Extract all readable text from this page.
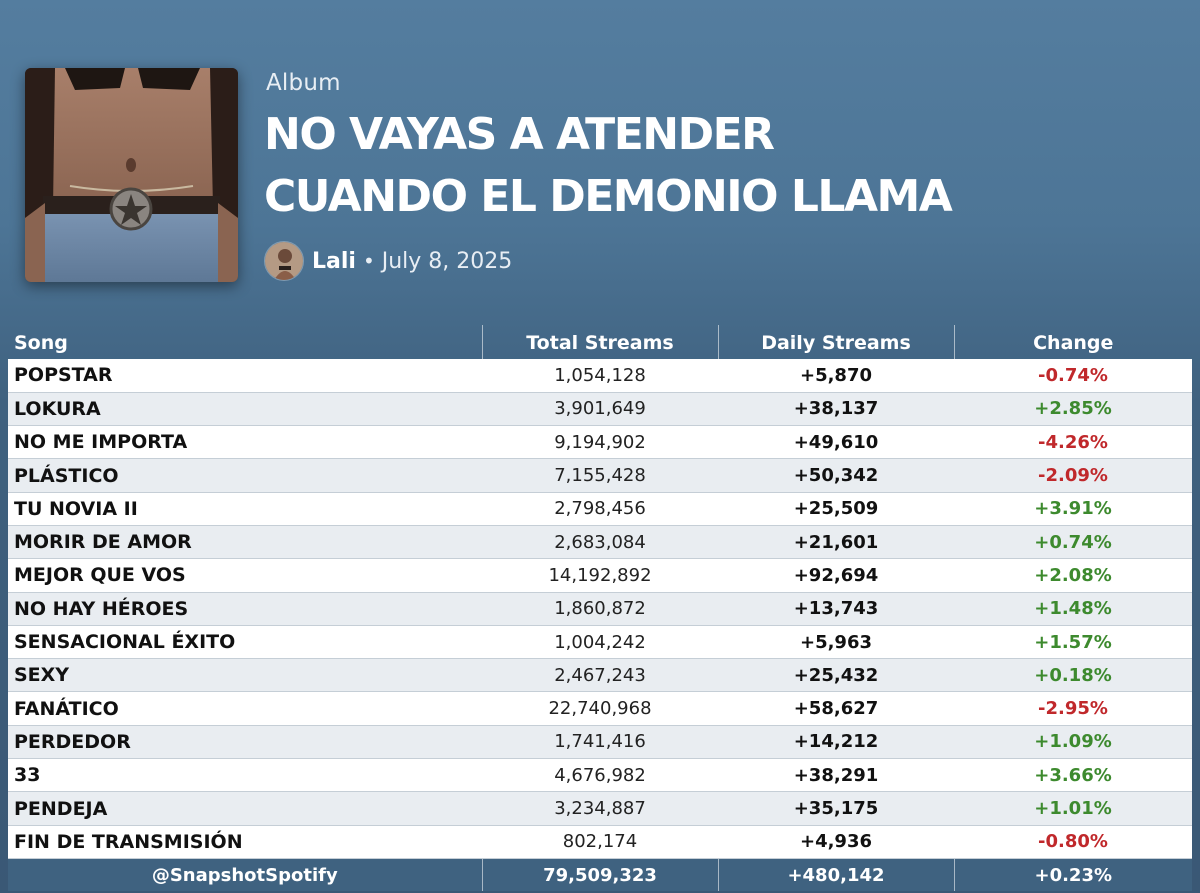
Album
NO VAYAS A ATENDER
CUANDO EL DEMONIO LLAMA
Lali • July 8, 2025
Song	Total Streams	Daily Streams	Change
POPSTAR	1,054,128	+5,870	-0.74%
LOKURA	3,901,649	+38,137	+2.85%
NO ME IMPORTA	9,194,902	+49,610	-4.26%
PLÁSTICO	7,155,428	+50,342	-2.09%
TU NOVIA II	2,798,456	+25,509	+3.91%
MORIR DE AMOR	2,683,084	+21,601	+0.74%
MEJOR QUE VOS	14,192,892	+92,694	+2.08%
NO HAY HÉROES	1,860,872	+13,743	+1.48%
SENSACIONAL ÉXITO	1,004,242	+5,963	+1.57%
SEXY	2,467,243	+25,432	+0.18%
FANÁTICO	22,740,968	+58,627	-2.95%
PERDEDOR	1,741,416	+14,212	+1.09%
33	4,676,982	+38,291	+3.66%
PENDEJA	3,234,887	+35,175	+1.01%
FIN DE TRANSMISIÓN	802,174	+4,936	-0.80%
@SnapshotSpotify	79,509,323	+480,142	+0.23%
